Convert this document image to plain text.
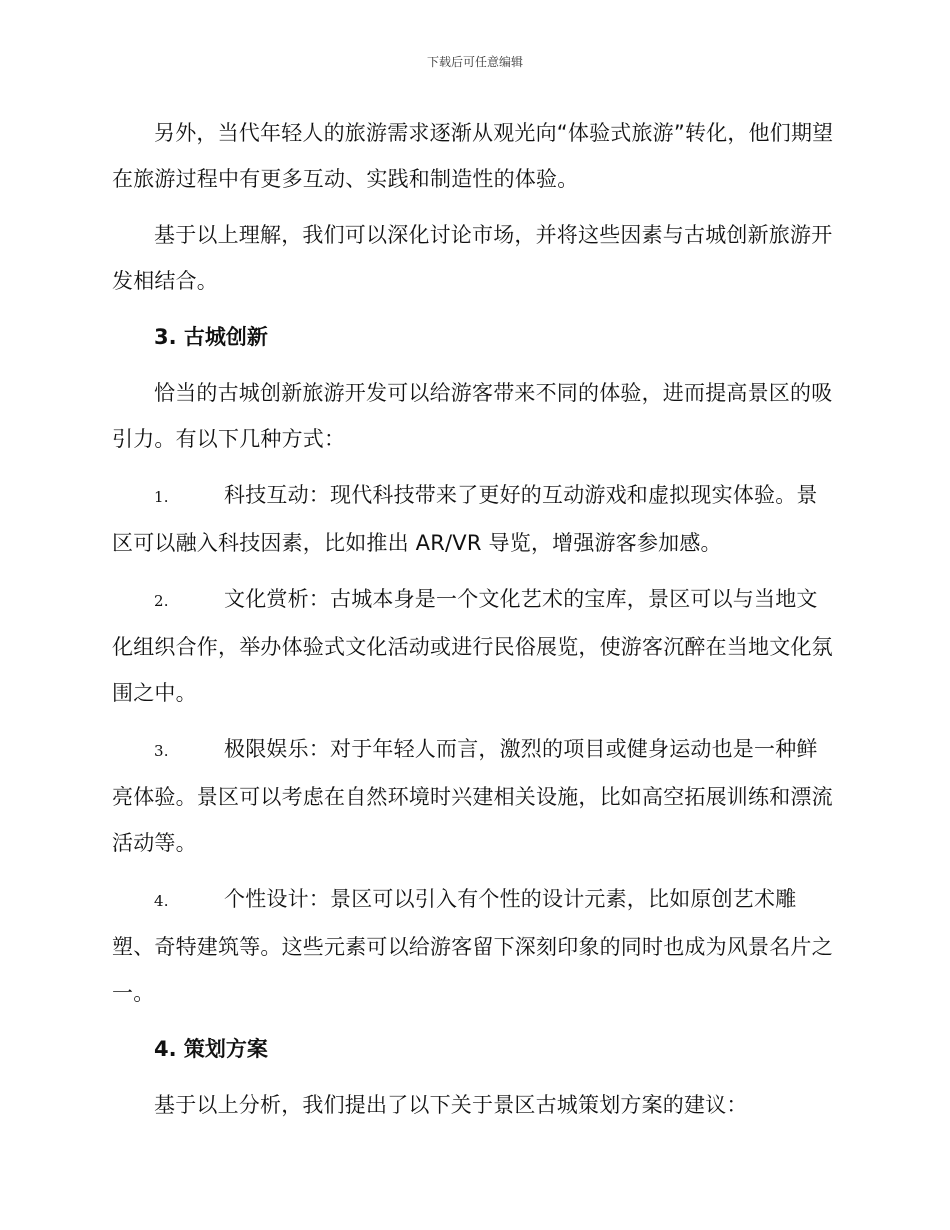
下载后可任意编辑

另外，当代年轻人的旅游需求逐渐从观光向“体验式旅游”转化，他们期望在旅游过程中有更多互动、实践和制造性的体验。

基于以上理解，我们可以深化讨论市场，并将这些因素与古城创新旅游开发相结合。

3. 古城创新

恰当的古城创新旅游开发可以给游客带来不同的体验，进而提高景区的吸引力。有以下几种方式：

1.	科技互动：现代科技带来了更好的互动游戏和虚拟现实体验。景区可以融入科技因素，比如推出 AR/VR 导览，增强游客参加感。

2.	文化赏析：古城本身是一个文化艺术的宝库，景区可以与当地文化组织合作，举办体验式文化活动或进行民俗展览，使游客沉醉在当地文化氛围之中。

3.	极限娱乐：对于年轻人而言，激烈的项目或健身运动也是一种鲜亮体验。景区可以考虑在自然环境时兴建相关设施，比如高空拓展训练和漂流活动等。

4.	个性设计：景区可以引入有个性的设计元素，比如原创艺术雕塑、奇特建筑等。这些元素可以给游客留下深刻印象的同时也成为风景名片之一。

4. 策划方案

基于以上分析，我们提出了以下关于景区古城策划方案的建议：
